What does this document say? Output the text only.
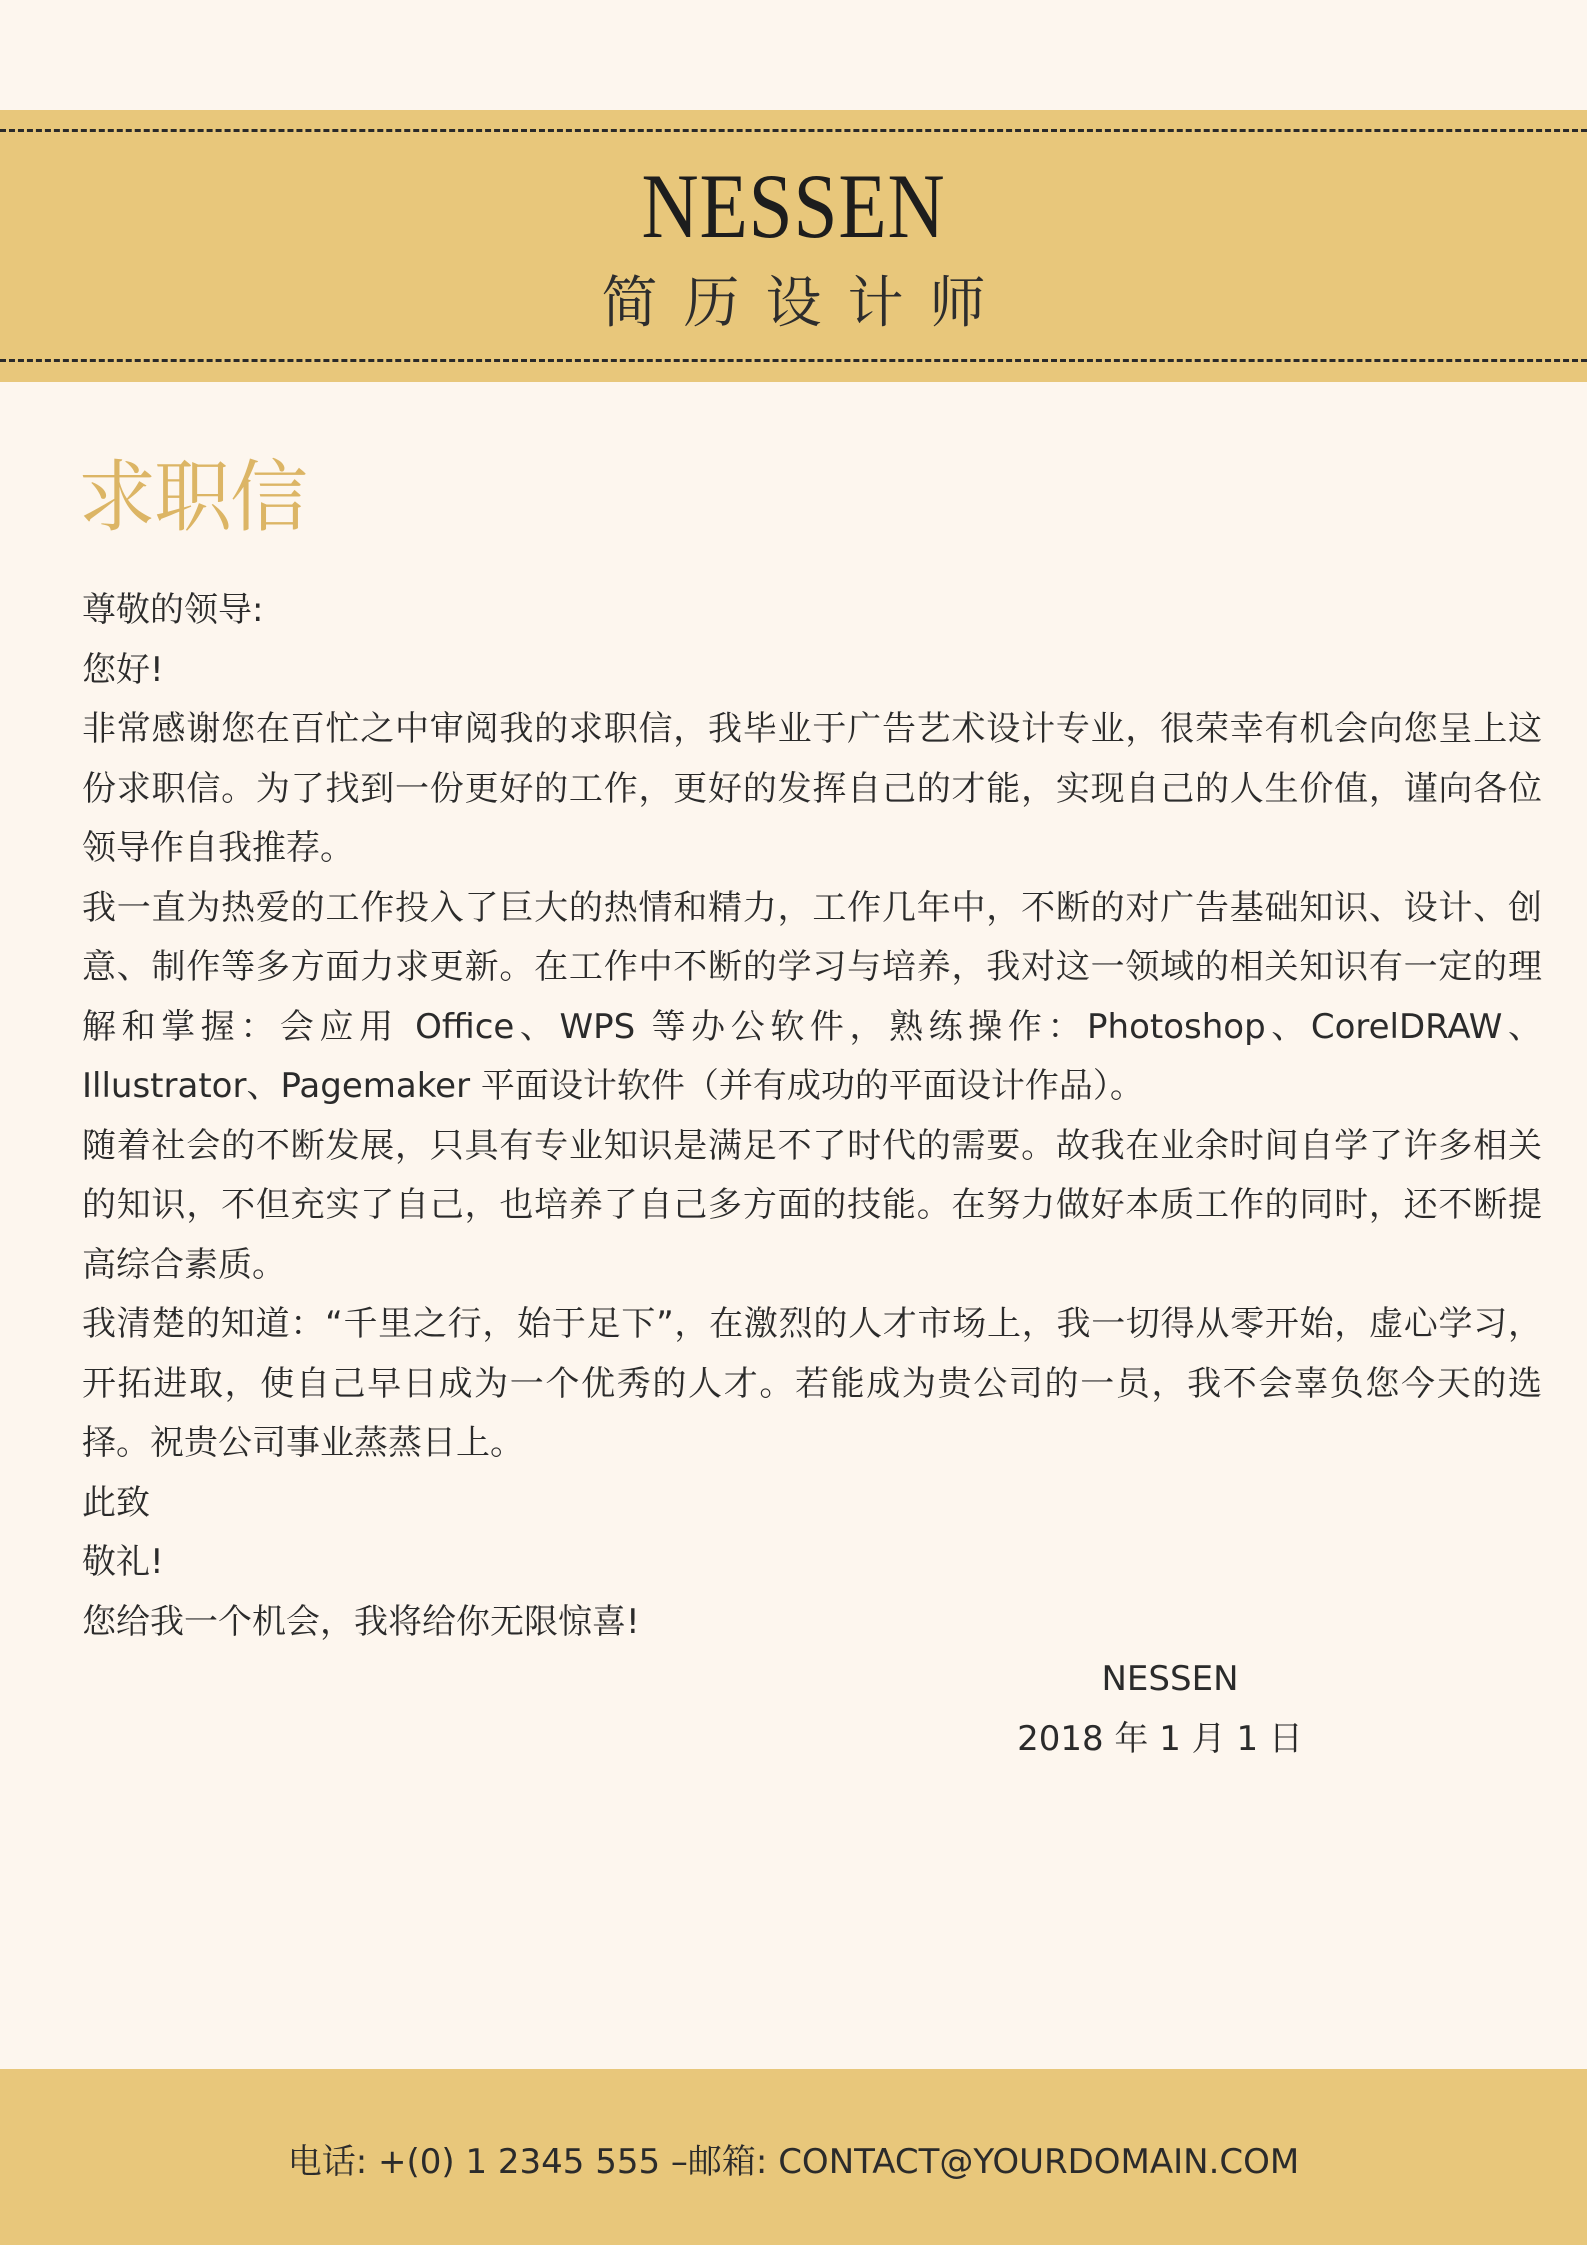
NESSEN
简历设计师
求职信

尊敬的领导:

您好!

非常感谢您在百忙之中审阅我的求职信，我毕业于广告艺术设计专业，很荣幸有机会向您呈上这份求职信。为了找到一份更好的工作，更好的发挥自己的才能，实现自己的人生价值，谨向各位领导作自我推荐。

我一直为热爱的工作投入了巨大的热情和精力，工作几年中，不断的对广告基础知识、设计、创意、制作等多方面力求更新。在工作中不断的学习与培养，我对这一领域的相关知识有一定的理解和掌握：会应用 Office、WPS 等办公软件，熟练操作：Photoshop、CorelDRAW、Illustrator、Pagemaker 平面设计软件（并有成功的平面设计作品）。

随着社会的不断发展，只具有专业知识是满足不了时代的需要。故我在业余时间自学了许多相关的知识，不但充实了自己，也培养了自己多方面的技能。在努力做好本质工作的同时，还不断提高综合素质。

我清楚的知道：“千里之行，始于足下”，在激烈的人才市场上，我一切得从零开始，虚心学习，开拓进取，使自己早日成为一个优秀的人才。若能成为贵公司的一员，我不会辜负您今天的选择。祝贵公司事业蒸蒸日上。

此致

敬礼!

您给我一个机会，我将给你无限惊喜!

NESSEN
2018 年 1 月 1 日
电话: +(0) 1 2345 555 –邮箱: CONTACT@YOURDOMAIN.COM
